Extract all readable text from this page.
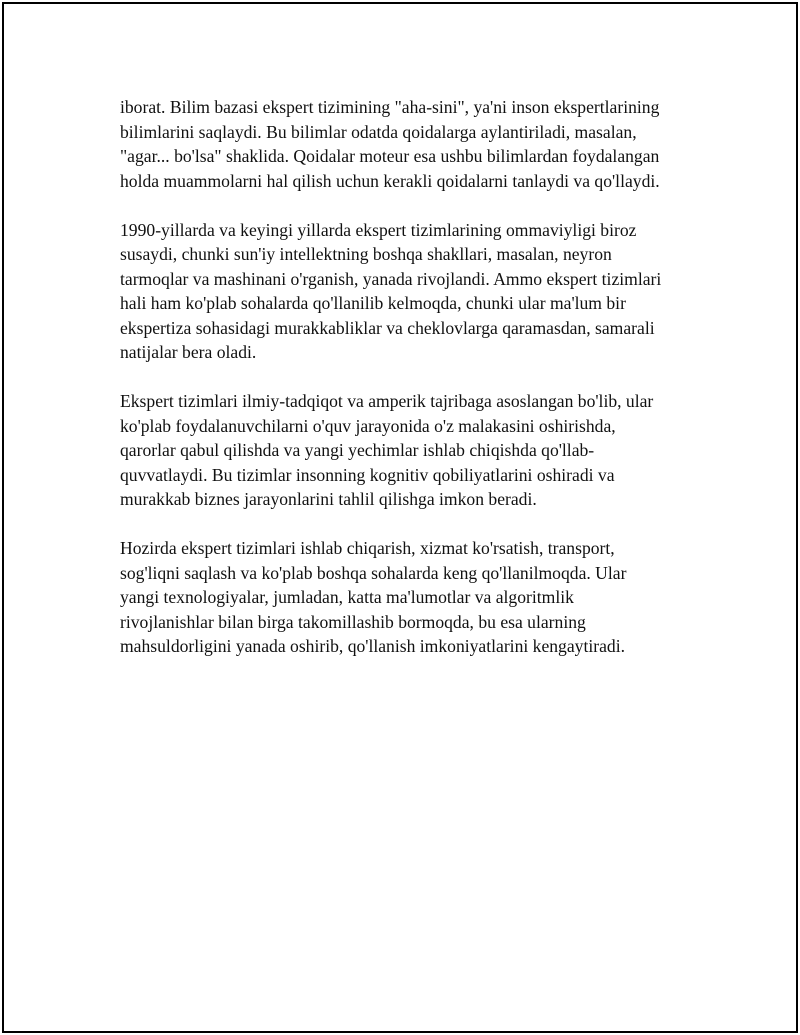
iborat. Bilim bazasi ekspert tizimining "aha-sini", ya'ni inson ekspertlarining
bilimlarini saqlaydi. Bu bilimlar odatda qoidalarga aylantiriladi, masalan,
"agar... bo'lsa" shaklida. Qoidalar moteur esa ushbu bilimlardan foydalangan
holda muammolarni hal qilish uchun kerakli qoidalarni tanlaydi va qo'llaydi.

1990-yillarda va keyingi yillarda ekspert tizimlarining ommaviyligi biroz
susaydi, chunki sun'iy intellektning boshqa shakllari, masalan, neyron
tarmoqlar va mashinani o'rganish, yanada rivojlandi. Ammo ekspert tizimlari
hali ham ko'plab sohalarda qo'llanilib kelmoqda, chunki ular ma'lum bir
ekspertiza sohasidagi murakkabliklar va cheklovlarga qaramasdan, samarali
natijalar bera oladi.

Ekspert tizimlari ilmiy-tadqiqot va amperik tajribaga asoslangan bo'lib, ular
ko'plab foydalanuvchilarni o'quv jarayonida o'z malakasini oshirishda,
qarorlar qabul qilishda va yangi yechimlar ishlab chiqishda qo'llab-
quvvatlaydi. Bu tizimlar insonning kognitiv qobiliyatlarini oshiradi va
murakkab biznes jarayonlarini tahlil qilishga imkon beradi.

Hozirda ekspert tizimlari ishlab chiqarish, xizmat ko'rsatish, transport,
sog'liqni saqlash va ko'plab boshqa sohalarda keng qo'llanilmoqda. Ular
yangi texnologiyalar, jumladan, katta ma'lumotlar va algoritmlik
rivojlanishlar bilan birga takomillashib bormoqda, bu esa ularning
mahsuldorligini yanada oshirib, qo'llanish imkoniyatlarini kengaytiradi.
